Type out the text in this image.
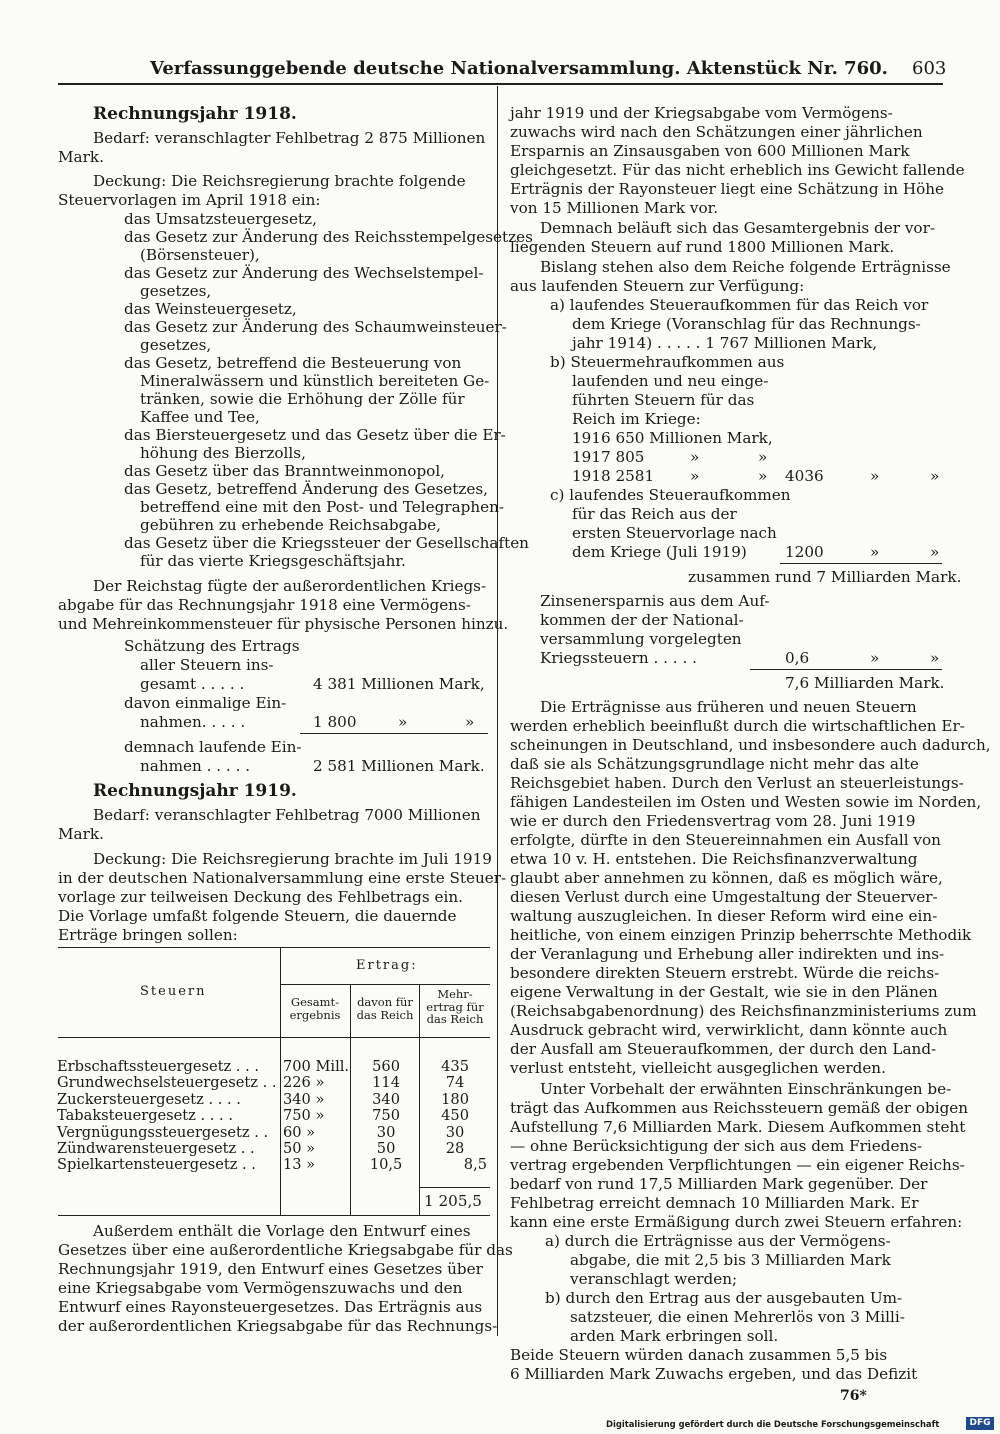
Verfassunggebende deutsche Nationalversammlung. Aktenstück Nr. 760. 603
Rechnungsjahr 1918.
Bedarf: veranschlagter Fehlbetrag 2 875 Millionen
Mark.
Deckung: Die Reichsregierung brachte folgende
Steuervorlagen im April 1918 ein:
das Umsatzsteuergesetz,
das Gesetz zur Änderung des Reichsstempelgesetzes
(Börsensteuer),
das Gesetz zur Änderung des Wechselstempel-
gesetzes,
das Weinsteuergesetz,
das Gesetz zur Änderung des Schaumweinsteuer-
gesetzes,
das Gesetz, betreffend die Besteuerung von
Mineralwässern und künstlich bereiteten Ge-
tränken, sowie die Erhöhung der Zölle für
Kaffee und Tee,
das Biersteuergesetz und das Gesetz über die Er-
höhung des Bierzolls,
das Gesetz über das Branntweinmonopol,
das Gesetz, betreffend Änderung des Gesetzes,
betreffend eine mit den Post- und Telegraphen-
gebühren zu erhebende Reichsabgabe,
das Gesetz über die Kriegssteuer der Gesellschaften
für das vierte Kriegsgeschäftsjahr.
Der Reichstag fügte der außerordentlichen Kriegs-
abgabe für das Rechnungsjahr 1918 eine Vermögens-
und Mehreinkommensteuer für physische Personen hinzu.
Schätzung des Ertrags
aller Steuern ins-
gesamt . . . . .	4 381 Millionen Mark,
davon einmalige Ein-
nahmen. . . . .	1 800	»	»
demnach laufende Ein-
nahmen . . . . .	2 581 Millionen Mark.
Rechnungsjahr 1919.
Bedarf: veranschlagter Fehlbetrag 7000 Millionen
Mark.
Deckung: Die Reichsregierung brachte im Juli 1919
in der deutschen Nationalversammlung eine erste Steuer-
vorlage zur teilweisen Deckung des Fehlbetrags ein.
Die Vorlage umfaßt folgende Steuern, die dauernde
Erträge bringen sollen:
Steuern
Ertrag:
Gesamt-ergebnis
davon für das Reich
Mehr-ertrag für das Reich
Erbschaftssteuergesetz . . .	700 Mill.	560	435
Grundwechselsteuergesetz . .	226 »	114	74
Zuckersteuergesetz . . . .	340 »	340	180
Tabaksteuergesetz . . . .	750 »	750	450
Vergnügungssteuergesetz . .	60 »	30	30
Zündwarensteuergesetz . .	50 »	50	28
Spielkartensteuergesetz . .	13 »	10,5	8,5
1 205,5
Außerdem enthält die Vorlage den Entwurf eines
Gesetzes über eine außerordentliche Kriegsabgabe für das
Rechnungsjahr 1919, den Entwurf eines Gesetzes über
eine Kriegsabgabe vom Vermögenszuwachs und den
Entwurf eines Rayonsteuergesetzes. Das Erträgnis aus
der außerordentlichen Kriegsabgabe für das Rechnungs-
jahr 1919 und der Kriegsabgabe vom Vermögens-
zuwachs wird nach den Schätzungen einer jährlichen
Ersparnis an Zinsausgaben von 600 Millionen Mark
gleichgesetzt. Für das nicht erheblich ins Gewicht fallende
Erträgnis der Rayonsteuer liegt eine Schätzung in Höhe
von 15 Millionen Mark vor.
Demnach beläuft sich das Gesamtergebnis der vor-
liegenden Steuern auf rund 1800 Millionen Mark.
Bislang stehen also dem Reiche folgende Erträgnisse
aus laufenden Steuern zur Verfügung:
a) laufendes Steueraufkommen für das Reich vor
dem Kriege (Voranschlag für das Rechnungs-
jahr 1914) . . . . . 1 767 Millionen Mark,
b) Steuermehraufkommen aus
laufenden und neu einge-
führten Steuern für das
Reich im Kriege:
1916 650 Millionen Mark,
1917 805	»	»
1918 2581 »	» 4036	»	»
c) laufendes Steueraufkommen
für das Reich aus der
ersten Steuervorlage nach
dem Kriege (Juli 1919)	1200	»	»
zusammen rund 7 Milliarden Mark.
Zinsenersparnis aus dem Auf-
kommen der der National-
versammlung vorgelegten
Kriegssteuern . . . . .	0,6	»	»
7,6 Milliarden Mark.
Die Erträgnisse aus früheren und neuen Steuern
werden erheblich beeinflußt durch die wirtschaftlichen Er-
scheinungen in Deutschland, und insbesondere auch dadurch,
daß sie als Schätzungsgrundlage nicht mehr das alte
Reichsgebiet haben. Durch den Verlust an steuerleistungs-
fähigen Landesteilen im Osten und Westen sowie im Norden,
wie er durch den Friedensvertrag vom 28. Juni 1919
erfolgte, dürfte in den Steuereinnahmen ein Ausfall von
etwa 10 v. H. entstehen. Die Reichsfinanzverwaltung
glaubt aber annehmen zu können, daß es möglich wäre,
diesen Verlust durch eine Umgestaltung der Steuerver-
waltung auszugleichen. In dieser Reform wird eine ein-
heitliche, von einem einzigen Prinzip beherrschte Methodik
der Veranlagung und Erhebung aller indirekten und ins-
besondere direkten Steuern erstrebt. Würde die reichs-
eigene Verwaltung in der Gestalt, wie sie in den Plänen
(Reichsabgabenordnung) des Reichsfinanzministeriums zum
Ausdruck gebracht wird, verwirklicht, dann könnte auch
der Ausfall am Steueraufkommen, der durch den Land-
verlust entsteht, vielleicht ausgeglichen werden.
Unter Vorbehalt der erwähnten Einschränkungen be-
trägt das Aufkommen aus Reichssteuern gemäß der obigen
Aufstellung 7,6 Milliarden Mark. Diesem Aufkommen steht
— ohne Berücksichtigung der sich aus dem Friedens-
vertrag ergebenden Verpflichtungen — ein eigener Reichs-
bedarf von rund 17,5 Milliarden Mark gegenüber. Der
Fehlbetrag erreicht demnach 10 Milliarden Mark. Er
kann eine erste Ermäßigung durch zwei Steuern erfahren:
a) durch die Erträgnisse aus der Vermögens-
abgabe, die mit 2,5 bis 3 Milliarden Mark
veranschlagt werden;
b) durch den Ertrag aus der ausgebauten Um-
satzsteuer, die einen Mehrerlös von 3 Milli-
arden Mark erbringen soll.
Beide Steuern würden danach zusammen 5,5 bis
6 Milliarden Mark Zuwachs ergeben, und das Defizit
76*
Digitalisierung gefördert durch die Deutsche Forschungsgemeinschaft	DFG
